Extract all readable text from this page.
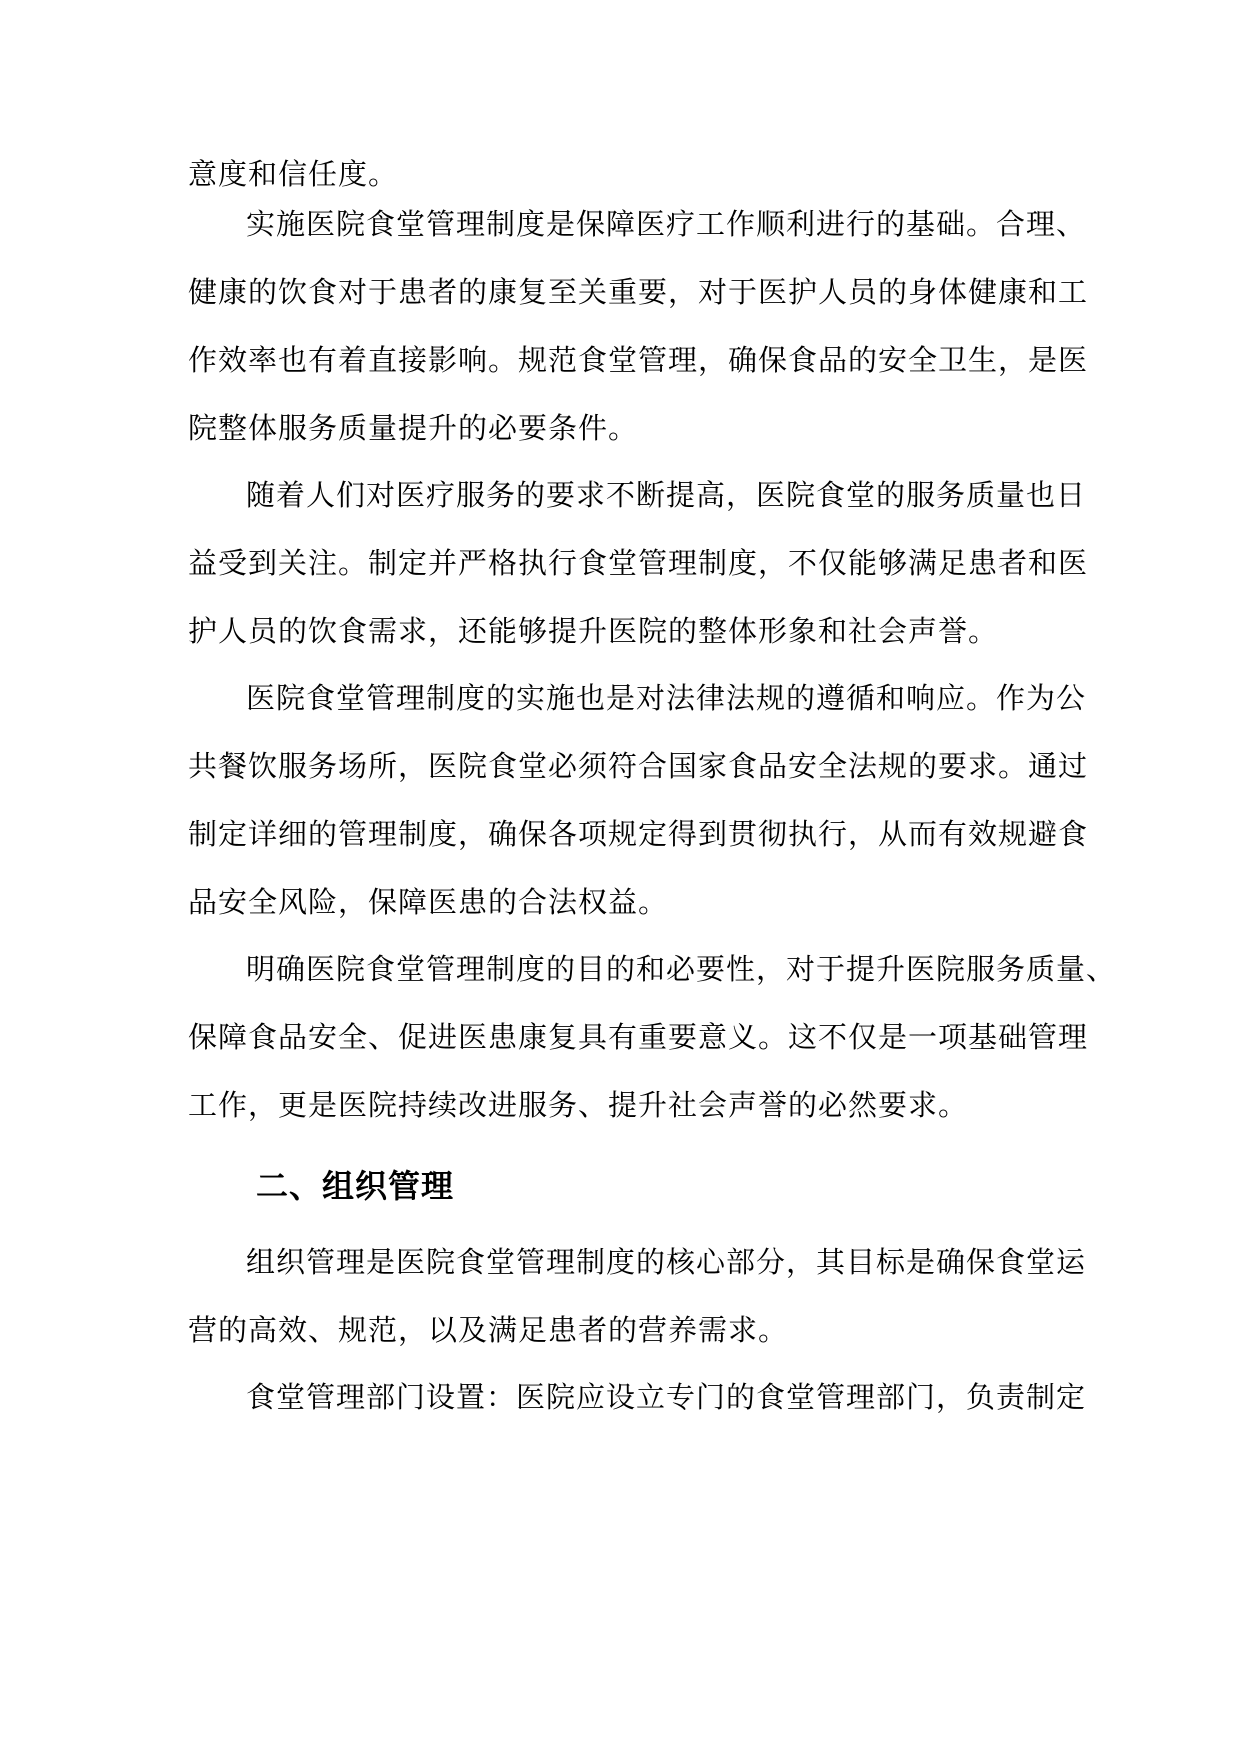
意度和信任度。
实施医院食堂管理制度是保障医疗工作顺利进行的基础。合理、
健康的饮食对于患者的康复至关重要，对于医护人员的身体健康和工
作效率也有着直接影响。规范食堂管理，确保食品的安全卫生，是医
院整体服务质量提升的必要条件。
随着人们对医疗服务的要求不断提高，医院食堂的服务质量也日
益受到关注。制定并严格执行食堂管理制度，不仅能够满足患者和医
护人员的饮食需求，还能够提升医院的整体形象和社会声誉。
医院食堂管理制度的实施也是对法律法规的遵循和响应。作为公
共餐饮服务场所，医院食堂必须符合国家食品安全法规的要求。通过
制定详细的管理制度，确保各项规定得到贯彻执行，从而有效规避食
品安全风险，保障医患的合法权益。
明确医院食堂管理制度的目的和必要性，对于提升医院服务质量、
保障食品安全、促进医患康复具有重要意义。这不仅是一项基础管理
工作，更是医院持续改进服务、提升社会声誉的必然要求。
二、组织管理
组织管理是医院食堂管理制度的核心部分，其目标是确保食堂运
营的高效、规范，以及满足患者的营养需求。
食堂管理部门设置：医院应设立专门的食堂管理部门，负责制定
